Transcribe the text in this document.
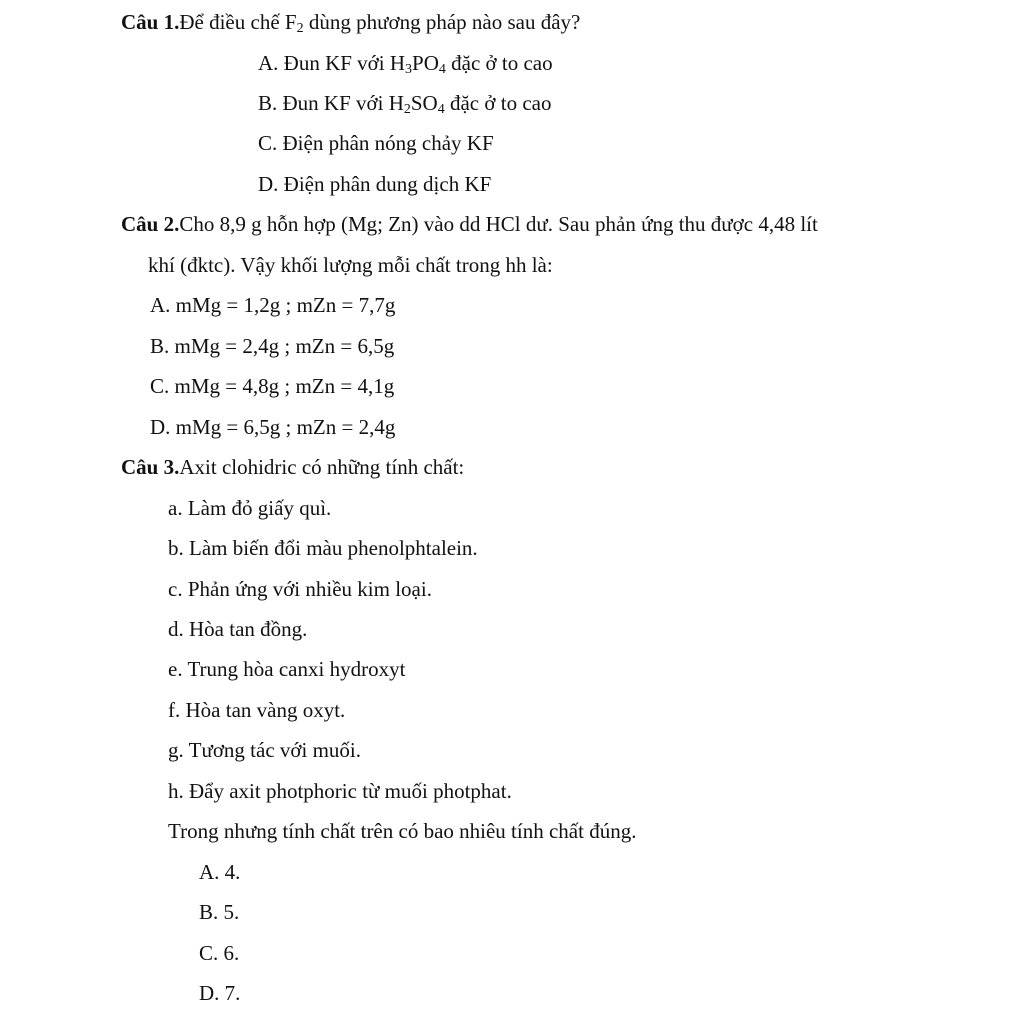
Câu 1.Để điều chế $F_2$ dùng phương pháp nào sau đây?
A. Đun KF với $H_3PO_4$ đặc ở to cao
B. Đun KF với $H_2SO_4$ đặc ở to cao
C. Điện phân nóng chảy KF
D. Điện phân dung dịch KF
Câu 2.Cho 8,9 g hỗn hợp (Mg; Zn) vào dd HCl dư. Sau phản ứng thu được 4,48 lít
khí (đktc). Vậy khối lượng mỗi chất trong hh là:
A. mMg = 1,2g ; mZn = 7,7g
B. mMg = 2,4g ; mZn = 6,5g
C. mMg = 4,8g ; mZn = 4,1g
D. mMg = 6,5g ; mZn = 2,4g
Câu 3.Axit clohidric có những tính chất:
a. Làm đỏ giấy quì.
b. Làm biến đổi màu phenolphtalein.
c. Phản ứng với nhiều kim loại.
d. Hòa tan đồng.
e. Trung hòa canxi hydroxyt
f. Hòa tan vàng oxyt.
g. Tương tác với muối.
h. Đẩy axit photphoric từ muối photphat.
Trong nhưng tính chất trên có bao nhiêu tính chất đúng.
A. 4.
B. 5.
C. 6.
D. 7.
